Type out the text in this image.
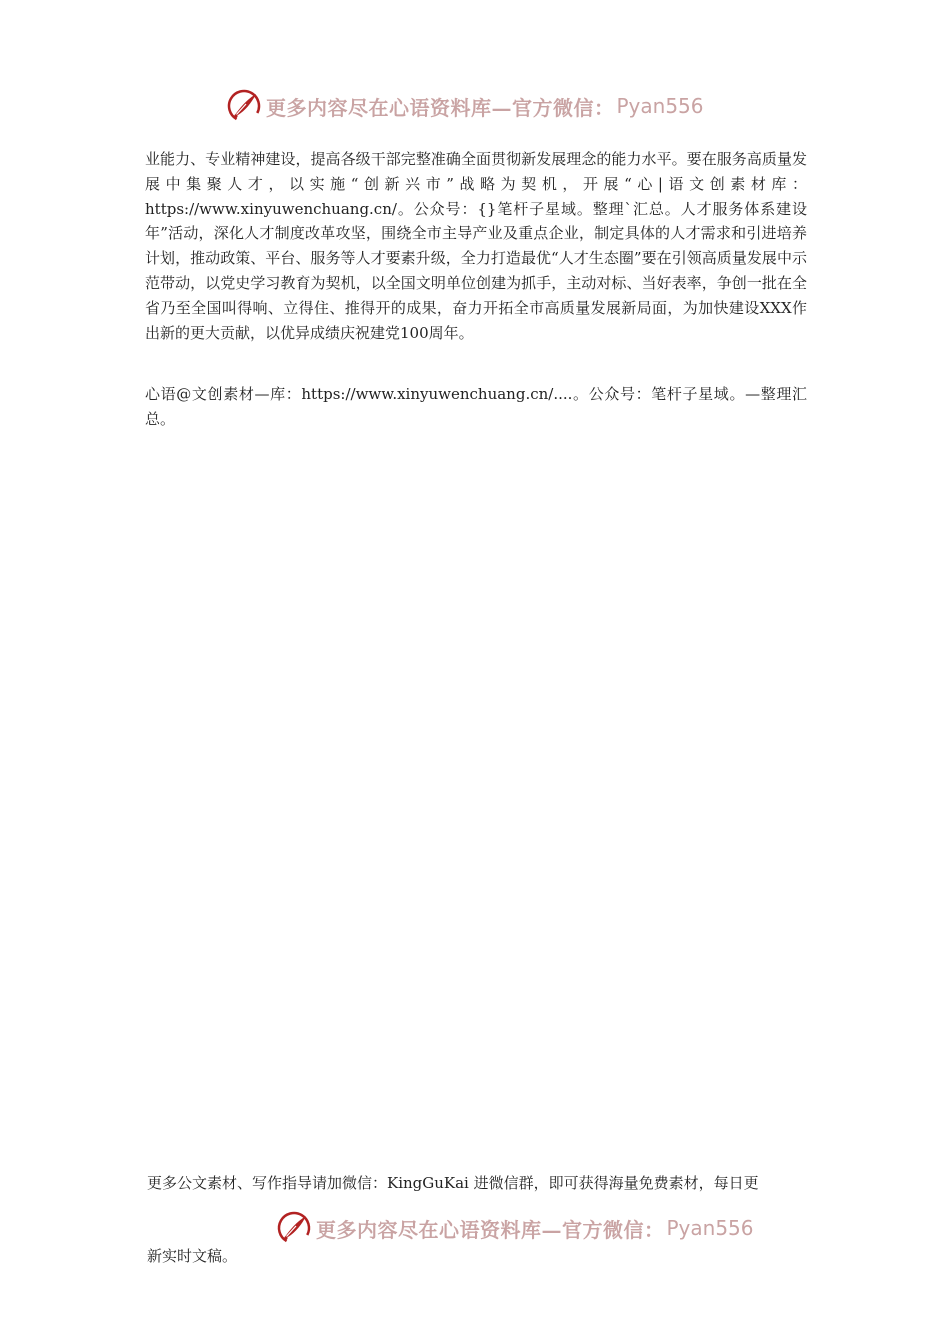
更多内容尽在心语资料库—官方微信： Pyan556

业能力、专业精神建设，提高各级干部完整准确全面贯彻新发展理念的能力水平。要在服务高质量发展中集聚人才，以实施“创新兴市”战略为契机，开展“心|语文创素材库：https://www.xinyuwenchuang.cn/。公众号：{}笔杆子星域。整理`汇总。人才服务体系建设年”活动，深化人才制度改革攻坚，围绕全市主导产业及重点企业，制定具体的人才需求和引进培养计划，推动政策、平台、服务等人才要素升级，全力打造最优“人才生态圈”要在引领高质量发展中示范带动，以党史学习教育为契机，以全国文明单位创建为抓手，主动对标、当好表率，争创一批在全省乃至全国叫得响、立得住、推得开的成果，奋力开拓全市高质量发展新局面，为加快建设XXX作出新的更大贡献，以优异成绩庆祝建党100周年。

心语@文创素材—库：https://www.xinyuwenchuang.cn/....。公众号：笔杆子星域。—整理汇总。

更多公文素材、写作指导请加微信：KingGuKai 进微信群，即可获得海量免费素材，每日更

更多内容尽在心语资料库—官方微信： Pyan556

新实时文稿。
